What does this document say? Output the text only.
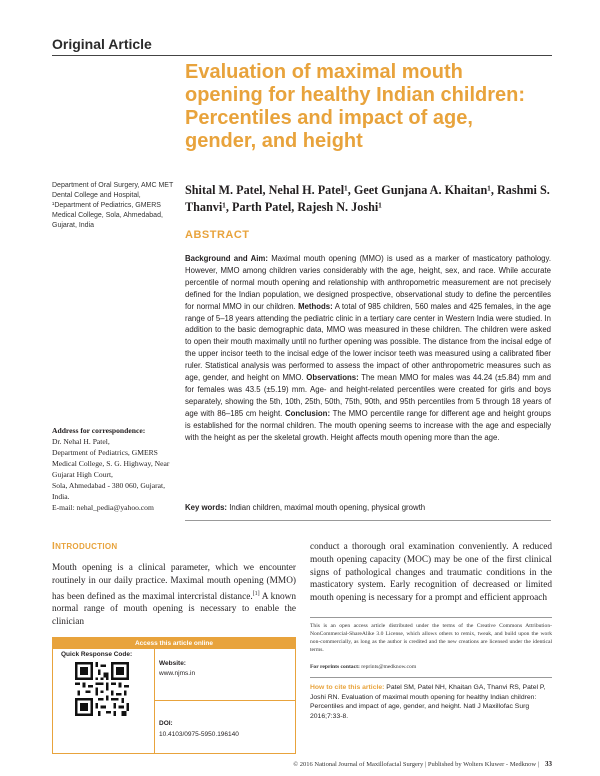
Original Article
Evaluation of maximal mouth opening for healthy Indian children: Percentiles and impact of age, gender, and height
Department of Oral Surgery, AMC MET Dental College and Hospital, ¹Department of Pediatrics, GMERS Medical College, Sola, Ahmedabad, Gujarat, India
Shital M. Patel, Nehal H. Patel¹, Geet Gunjana A. Khaitan¹, Rashmi S. Thanvi¹, Parth Patel, Rajesh N. Joshi¹
ABSTRACT
Background and Aim: Maximal mouth opening (MMO) is used as a marker of masticatory pathology. However, MMO among children varies considerably with the age, height, sex, and race. While accurate percentile of normal mouth opening and relationship with anthropometric measurement are not precisely defined for the Indian population, we designed prospective, observational study to define the percentiles for normal MMO in our children. Methods: A total of 985 children, 560 males and 425 females, in the age range of 5–18 years attending the pediatric clinic in a tertiary care center in Western India were studied. In addition to the basic demographic data, MMO was measured in these children. The children were asked to open their mouth maximally until no further opening was possible. The distance from the incisal edge of the upper incisor teeth to the incisal edge of the lower incisor teeth was measured using a calibrated fiber ruler. Statistical analysis was performed to assess the impact of other anthropometric measures such as age, gender, and height on MMO. Observations: The mean MMO for males was 44.24 (±5.84) mm and for females was 43.5 (±5.19) mm. Age- and height-related percentiles were created for girls and boys separately, showing the 5th, 10th, 25th, 50th, 75th, 90th, and 95th percentiles from 5 through 18 years of age with 86–185 cm height. Conclusion: The MMO percentile range for different age and height groups is established for the normal children. The mouth opening seems to increase with the age and especially with the height as per the skeletal growth. Height affects mouth opening more than the age.
Address for correspondence:
Dr. Nehal H. Patel,
Department of Pediatrics, GMERS Medical College, S. G. Highway, Near Gujarat High Court,
Sola, Ahmedabad - 380 060, Gujarat, India.
E-mail: nehal_pedia@yahoo.com	Key words: Indian children, maximal mouth opening, physical growth
INTRODUCTION
Mouth opening is a clinical parameter, which we encounter routinely in our daily practice. Maximal mouth opening (MMO) has been defined as the maximal intercristal distance.[1] A known normal range of mouth opening is necessary to enable the clinician
conduct a thorough oral examination conveniently. A reduced mouth opening capacity (MOC) may be one of the first clinical signs of pathological changes and traumatic conditions in the masticatory system. Early recognition of decreased or limited mouth opening is necessary for a prompt and efficient approach
Access this article online
Quick Response Code:
Website:
www.njms.in
DOI:
10.4103/0975-5950.196140
This is an open access article distributed under the terms of the Creative Commons Attribution-NonCommercial-ShareAlike 3.0 License, which allows others to remix, tweak, and build upon the work non-commercially, as long as the author is credited and the new creations are licensed under the identical terms.
For reprints contact: reprints@medknow.com
How to cite this article: Patel SM, Patel NH, Khaitan GA, Thanvi RS, Patel P, Joshi RN. Evaluation of maximal mouth opening for healthy Indian children: Percentiles and impact of age, gender, and height. Natl J Maxillofac Surg 2016;7:33-8.
© 2016 National Journal of Maxillofacial Surgery | Published by Wolters Kluwer - Medknow | 33
